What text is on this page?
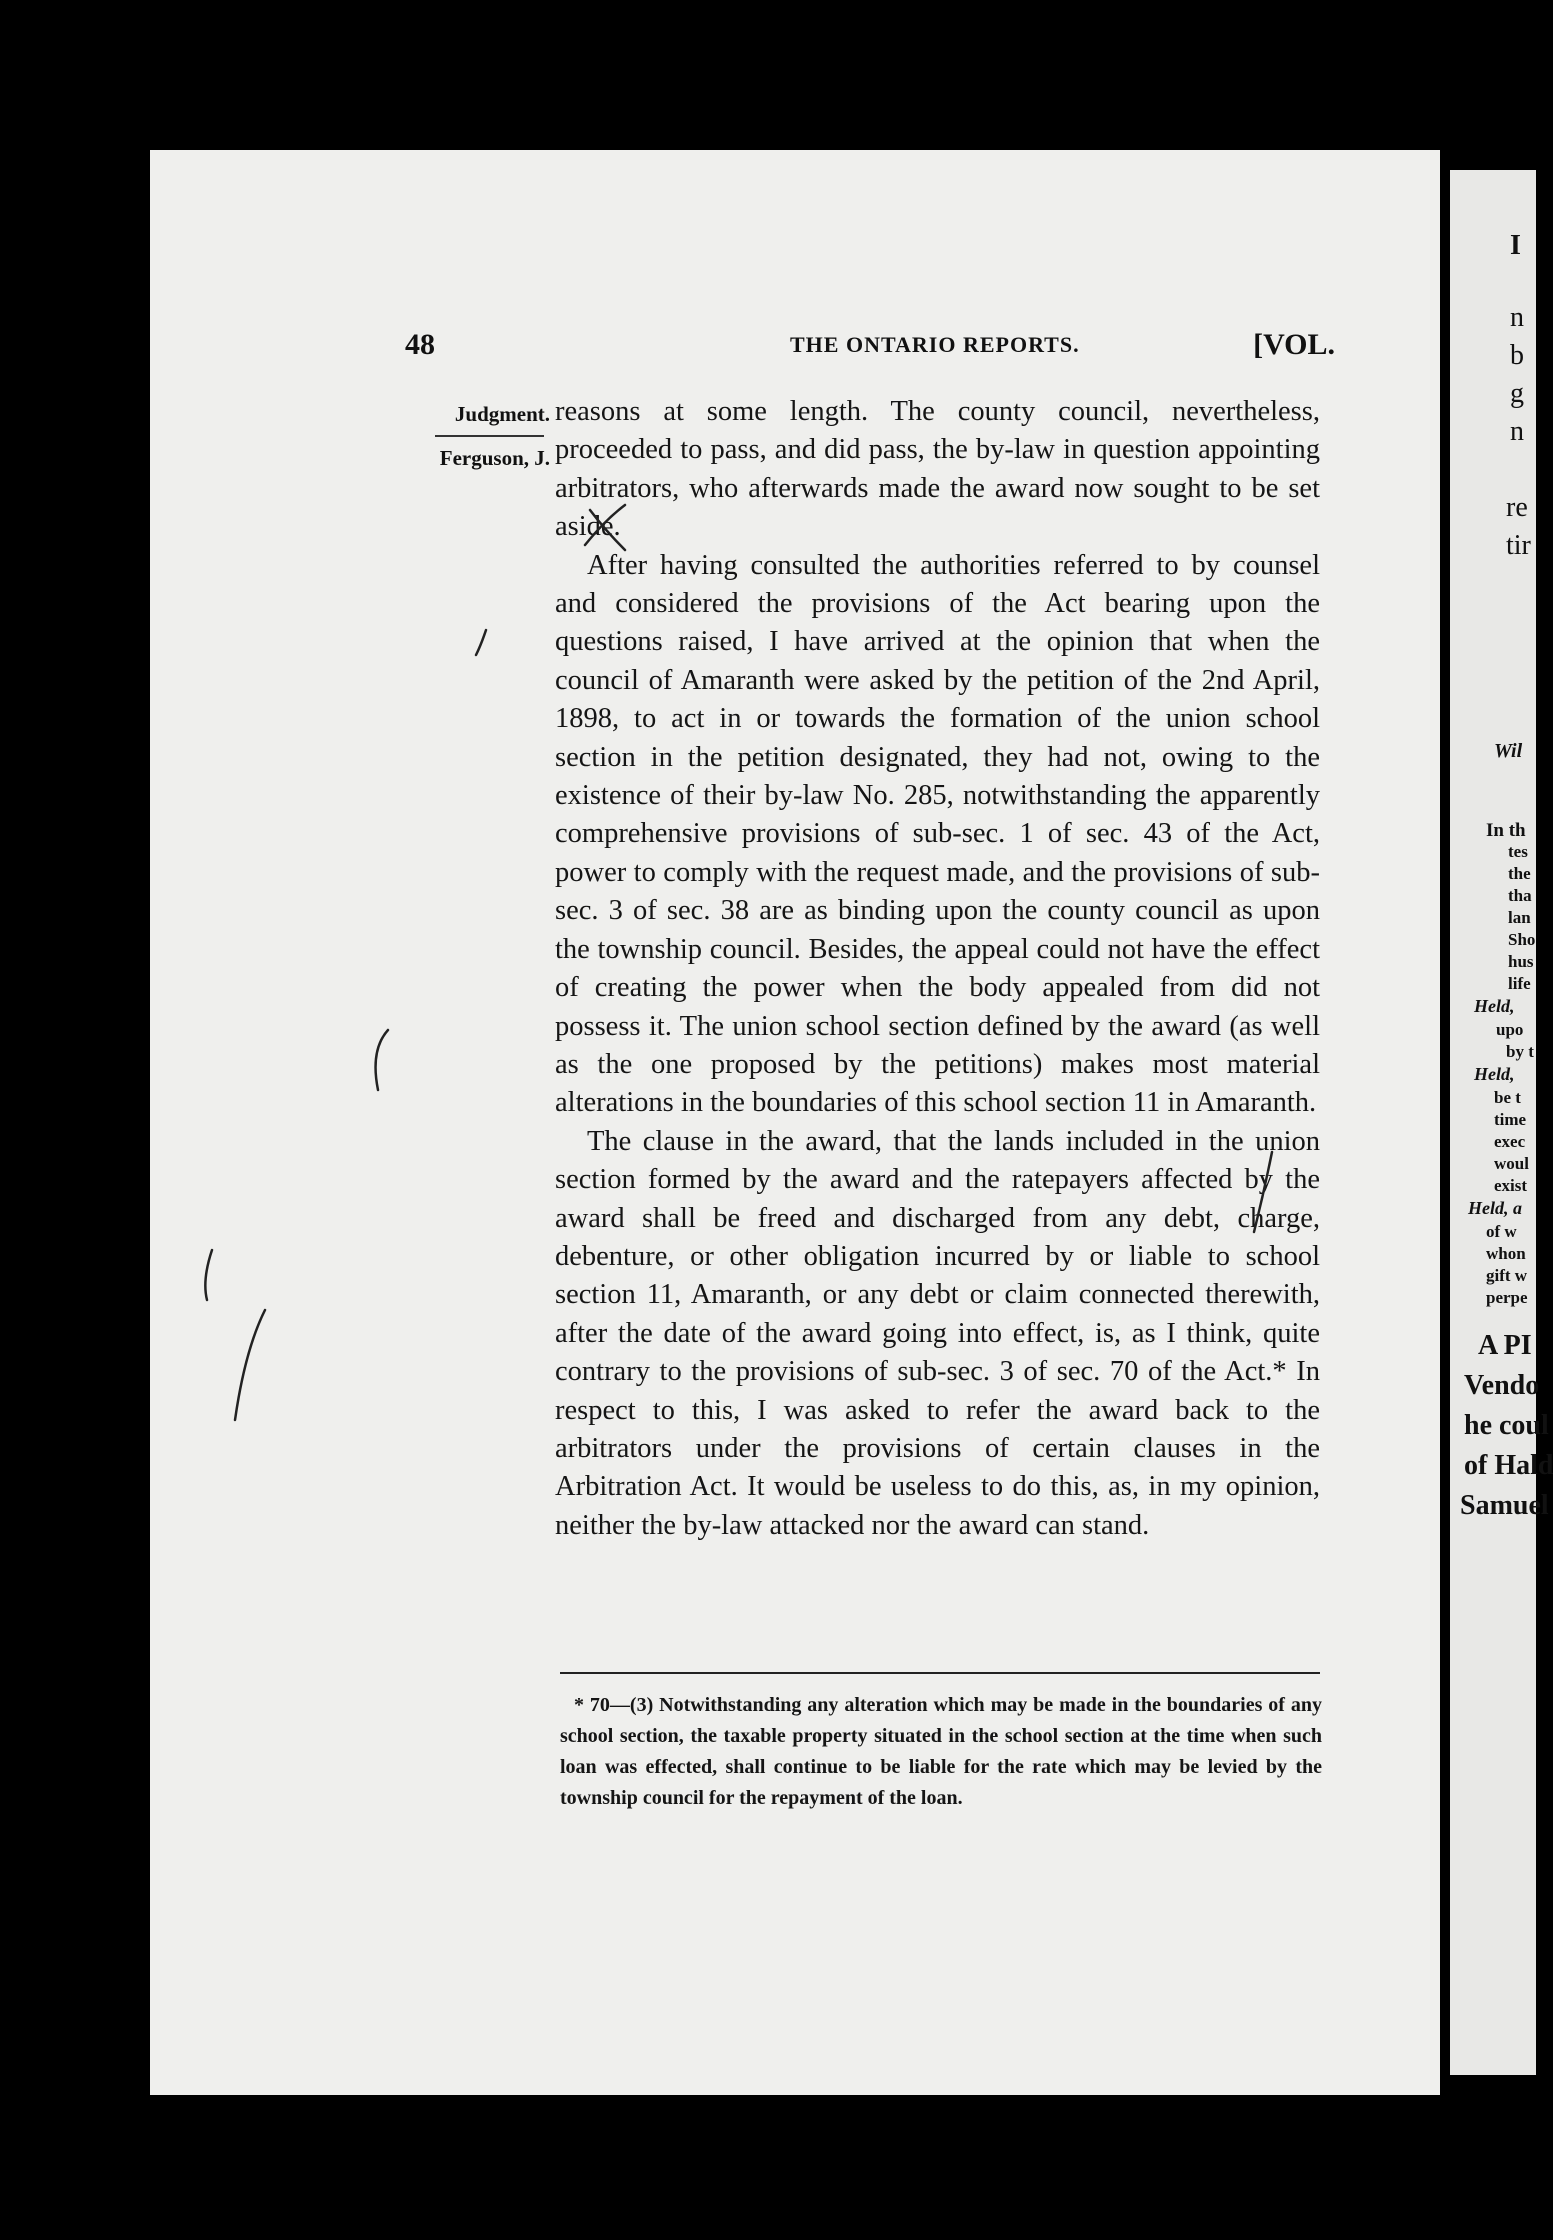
I
n
b
g
n
re
tir
Wil
In th
tes
the
tha
lan
Sho
hus
life
Held,
upo
by t
Held,
be t
time
exec
woul
exist
Held, a
of w
whon
gift w
perpe
A PI
Vendo
he coul
of Hald
Samuel
48	THE ONTARIO REPORTS.	[VOL.
Judgment.
Ferguson, J.

reasons at some length. The county council, nevertheless, proceeded to pass, and did pass, the by-law in question appointing arbitrators, who afterwards made the award now sought to be set aside.

After having consulted the authorities referred to by counsel and considered the provisions of the Act bearing upon the questions raised, I have arrived at the opinion that when the council of Amaranth were asked by the petition of the 2nd April, 1898, to act in or towards the formation of the union school section in the petition designated, they had not, owing to the existence of their by-law No. 285, notwithstanding the apparently comprehensive provisions of sub-sec. 1 of sec. 43 of the Act, power to comply with the request made, and the provisions of sub-sec. 3 of sec. 38 are as binding upon the county council as upon the township council. Besides, the appeal could not have the effect of creating the power when the body appealed from did not possess it. The union school section defined by the award (as well as the one proposed by the petitions) makes most material alterations in the boundaries of this school section 11 in Amaranth.

The clause in the award, that the lands included in the union section formed by the award and the ratepayers affected by the award shall be freed and discharged from any debt, charge, debenture, or other obligation incurred by or liable to school section 11, Amaranth, or any debt or claim connected therewith, after the date of the award going into effect, is, as I think, quite contrary to the provisions of sub-sec. 3 of sec. 70 of the Act.* In respect to this, I was asked to refer the award back to the arbitrators under the provisions of certain clauses in the Arbitration Act. It would be useless to do this, as, in my opinion, neither the by-law attacked nor the award can stand.

* 70—(3) Notwithstanding any alteration which may be made in the boundaries of any school section, the taxable property situated in the school section at the time when such loan was effected, shall continue to be liable for the rate which may be levied by the township council for the repayment of the loan.
